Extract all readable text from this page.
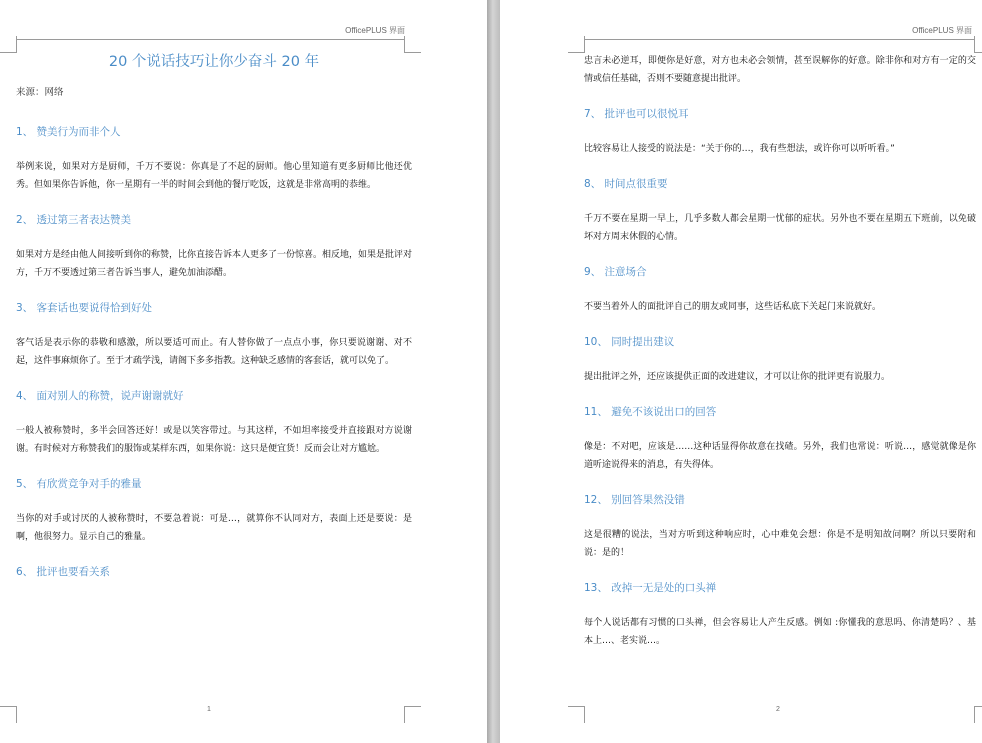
OfficePLUS 界面
20 个说话技巧让你少奋斗 20 年
来源：网络
1、 赞美行为而非个人
举例来说，如果对方是厨师，千万不要说：你真是了不起的厨师。他心里知道有更多厨师比他还优秀。但如果你告诉他，你一星期有一半的时间会到他的餐厅吃饭，这就是非常高明的恭维。
2、 透过第三者表达赞美
如果对方是经由他人间接听到你的称赞，比你直接告诉本人更多了一份惊喜。相反地，如果是批评对方，千万不要透过第三者告诉当事人，避免加油添醋。
3、 客套话也要说得恰到好处
客气话是表示你的恭敬和感激，所以要适可而止。有人替你做了一点点小事，你只要说谢谢、对不起，这件事麻烦你了。至于才疏学浅，请阁下多多指教。这种缺乏感情的客套话，就可以免了。
4、 面对别人的称赞，说声谢谢就好
一般人被称赞时，多半会回答还好！或是以笑容带过。与其这样，不如坦率接受并直接跟对方说谢谢。有时候对方称赞我们的服饰或某样东西，如果你说：这只是便宜货！反而会让对方尴尬。
5、 有欣赏竞争对手的雅量
当你的对手或讨厌的人被称赞时，不要急着说：可是…，就算你不认同对方，表面上还是要说：是啊，他很努力。显示自己的雅量。
6、 批评也要看关系
1
OfficePLUS 界面
忠言未必逆耳，即便你是好意，对方也未必会领情，甚至误解你的好意。除非你和对方有一定的交情或信任基础，否则不要随意提出批评。
7、 批评也可以很悦耳
比较容易让人接受的说法是：“关于你的…，我有些想法，或许你可以听听看。”
8、 时间点很重要
千万不要在星期一早上，几乎多数人都会星期一忧郁的症状。另外也不要在星期五下班前，以免破坏对方周末休假的心情。
9、 注意场合
不要当着外人的面批评自己的朋友或同事，这些话私底下关起门来说就好。
10、 同时提出建议
提出批评之外，还应该提供正面的改进建议，才可以让你的批评更有说服力。
11、 避免不该说出口的回答
像是：不对吧，应该是……这种话显得你故意在找碴。另外，我们也常说：听说…，感觉就像是你道听途说得来的消息，有失得体。
12、 别回答果然没错
这是很糟的说法，当对方听到这种响应时，心中难免会想：你是不是明知故问啊？所以只要附和说：是的！
13、 改掉一无是处的口头禅
每个人说话都有习惯的口头禅，但会容易让人产生反感。例如 :你懂我的意思吗、你清楚吗？、基本上…、老实说…。
2
